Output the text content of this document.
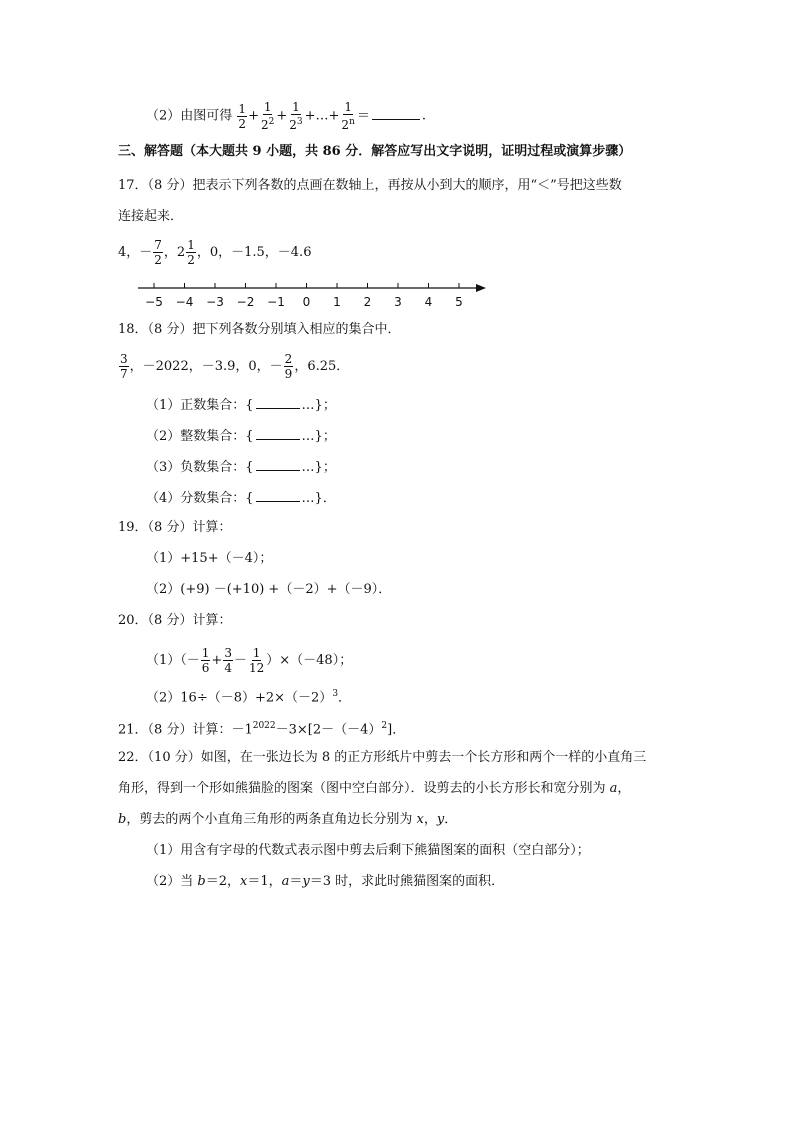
（2）由图可得 $\frac{1}{2} + \frac{1}{2^2} + \frac{1}{2^3}$ +…+ $\frac{1}{2^n}$ ＝	.
三、解答题（本大题共 9 小题，共 86 分．解答应写出文字说明，证明过程或演算步骤）
17．（8 分）把表示下列各数的点画在数轴上，再按从小到大的顺序，用“＜”号把这些数
连接起来．
4，－ $\frac{7}{2}$ ，$2 \frac{1}{2}$ ，0，－1.5，－4.6
−5 −4 −3 −2 −1 0 1 2 3 4 5
18．（8 分）把下列各数分别填入相应的集合中．
$\frac{3}{7}$ ，－2022，－3.9，0，－ $\frac{2}{9}$ ，6.25．
（1）正数集合：{	…}；
（2）整数集合：{	…}；
（3）负数集合：{	…}；
（4）分数集合：{	…}．
19．（8 分）计算：
（1）+15+（－4）；
（2）(+9) －(+10) +（－2）+（－9）．
20．（8 分）计算：
$(1)(- \frac{1}{6} + \frac{3}{4} - \frac{1}{12} )\times(-48)$；
$(2)16\div(-8)+2\times(-2)^3$．
21．（8 分）计算：$-1^{2022}-3\times[2-(-4)^2]$．
22．（10 分）如图，在一张边长为 8 的正方形纸片中剪去一个长方形和两个一样的小直角三
角形，得到一个形如熊猫脸的图案（图中空白部分）．设剪去的小长方形长和宽分别为 a，
b，剪去的两个小直角三角形的两条直角边长分别为 x，y．
（1）用含有字母的代数式表示图中剪去后剩下熊猫图案的面积（空白部分）；
（2）当 b＝2，x＝1，a＝y＝3 时，求此时熊猫图案的面积．
